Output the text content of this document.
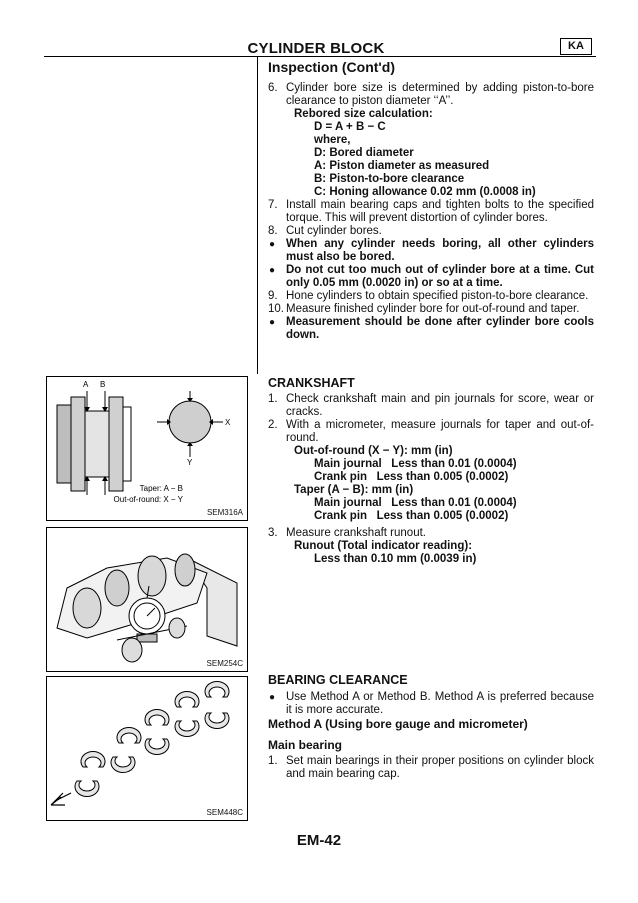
CYLINDER BLOCK	KA
Inspection (Cont'd)
6. Cylinder bore size is determined by adding piston-to-bore clearance to piston diameter ‘‘A’’.
Rebored size calculation:
D = A + B − C
where,
D: Bored diameter
A: Piston diameter as measured
B: Piston-to-bore clearance
C: Honing allowance 0.02 mm (0.0008 in)
7. Install main bearing caps and tighten bolts to the specified torque. This will prevent distortion of cylinder bores.
8. Cut cylinder bores.
● When any cylinder needs boring, all other cylinders must also be bored.
● Do not cut too much out of cylinder bore at a time. Cut only 0.05 mm (0.0020 in) or so at a time.
9. Hone cylinders to obtain specified piston-to-bore clearance.
10. Measure finished cylinder bore for out-of-round and taper.
● Measurement should be done after cylinder bore cools down.
CRANKSHAFT
1. Check crankshaft main and pin journals for score, wear or cracks.
2. With a micrometer, measure journals for taper and out-of-round.
Out-of-round (X − Y): mm (in)
Main journal   Less than 0.01 (0.0004)
Crank pin   Less than 0.005 (0.0002)
Taper (A − B): mm (in)
Main journal   Less than 0.01 (0.0004)
Crank pin   Less than 0.005 (0.0002)
3. Measure crankshaft runout.
Runout (Total indicator reading):
Less than 0.10 mm (0.0039 in)
BEARING CLEARANCE
● Use Method A or Method B. Method A is preferred because it is more accurate.
Method A (Using bore gauge and micrometer)
Main bearing
1. Set main bearings in their proper positions on cylinder block and main bearing cap.
A B
X
Y
Taper: A − B
Out-of-round: X − Y
SEM316A
SEM254C
SEM448C
EM-42
